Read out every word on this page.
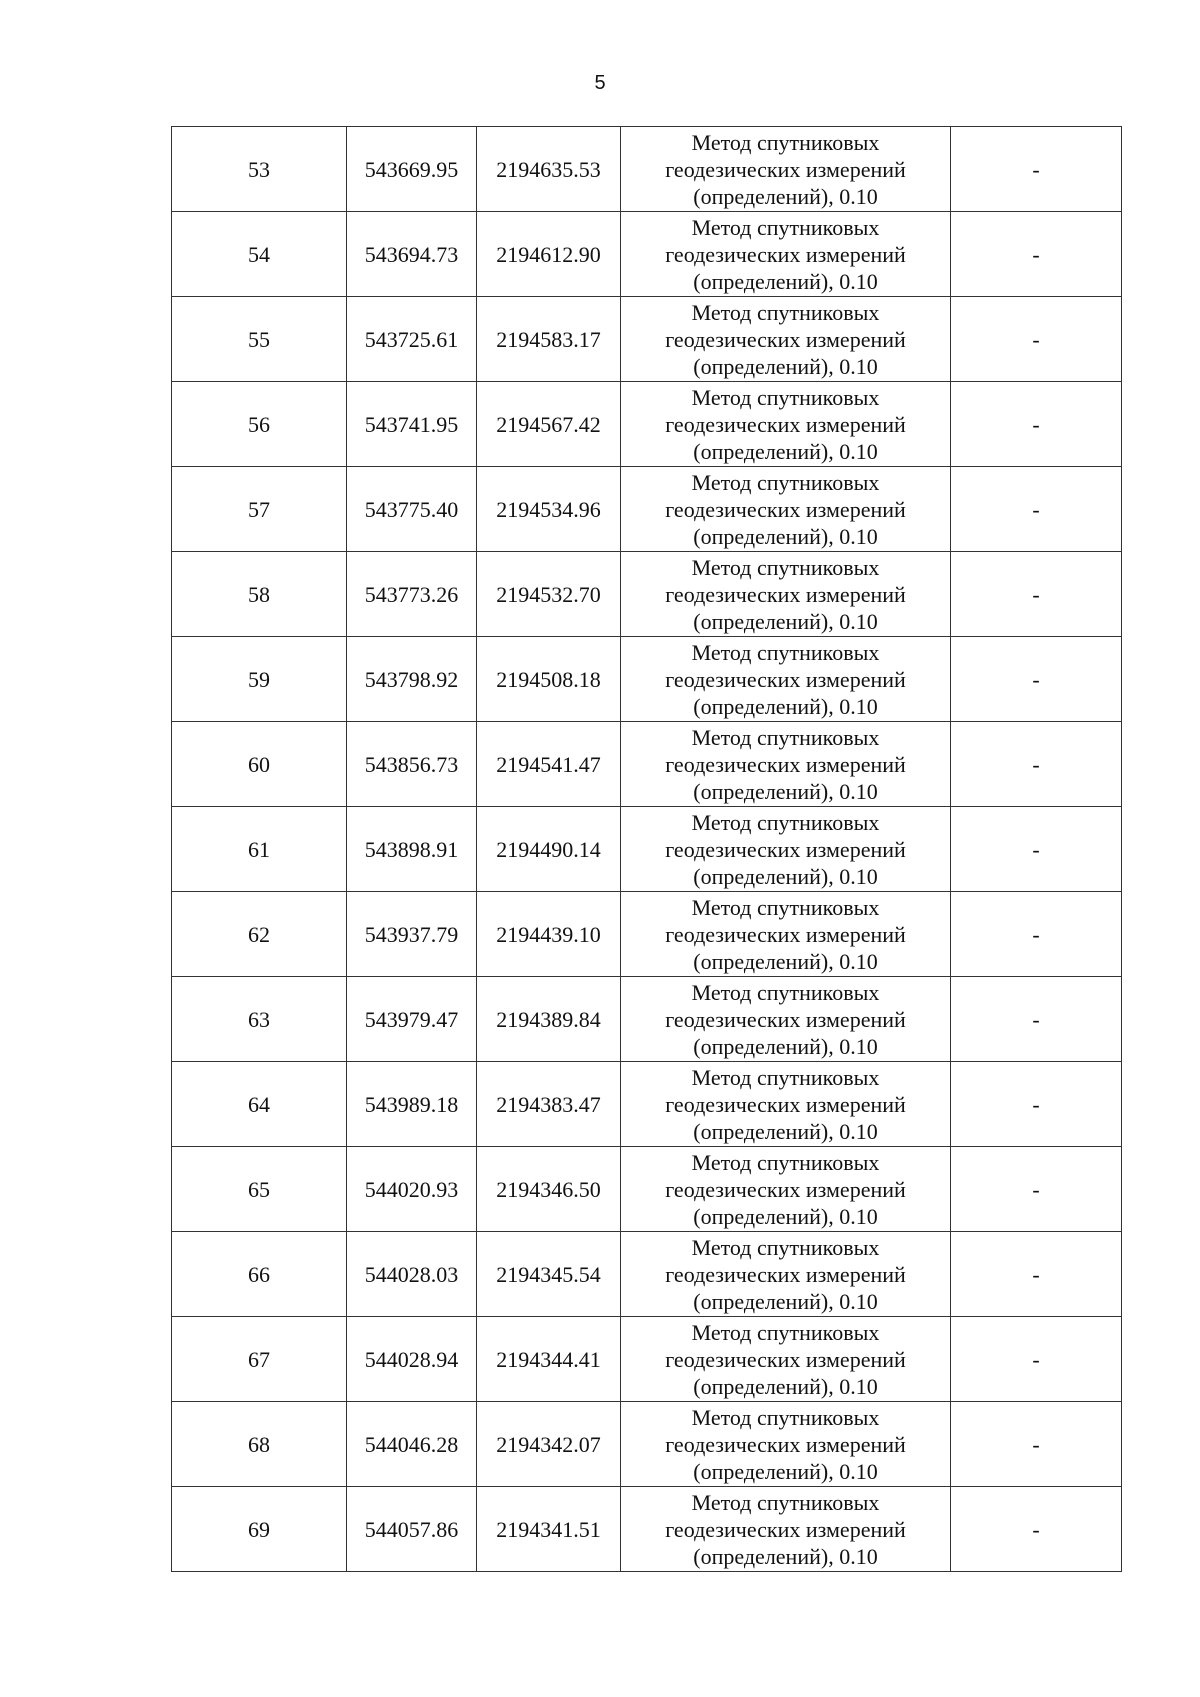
5
53	543669.95	2194635.53	Метод спутниковых
геодезических измерений
(определений), 0.10	-
54	543694.73	2194612.90	Метод спутниковых
геодезических измерений
(определений), 0.10	-
55	543725.61	2194583.17	Метод спутниковых
геодезических измерений
(определений), 0.10	-
56	543741.95	2194567.42	Метод спутниковых
геодезических измерений
(определений), 0.10	-
57	543775.40	2194534.96	Метод спутниковых
геодезических измерений
(определений), 0.10	-
58	543773.26	2194532.70	Метод спутниковых
геодезических измерений
(определений), 0.10	-
59	543798.92	2194508.18	Метод спутниковых
геодезических измерений
(определений), 0.10	-
60	543856.73	2194541.47	Метод спутниковых
геодезических измерений
(определений), 0.10	-
61	543898.91	2194490.14	Метод спутниковых
геодезических измерений
(определений), 0.10	-
62	543937.79	2194439.10	Метод спутниковых
геодезических измерений
(определений), 0.10	-
63	543979.47	2194389.84	Метод спутниковых
геодезических измерений
(определений), 0.10	-
64	543989.18	2194383.47	Метод спутниковых
геодезических измерений
(определений), 0.10	-
65	544020.93	2194346.50	Метод спутниковых
геодезических измерений
(определений), 0.10	-
66	544028.03	2194345.54	Метод спутниковых
геодезических измерений
(определений), 0.10	-
67	544028.94	2194344.41	Метод спутниковых
геодезических измерений
(определений), 0.10	-
68	544046.28	2194342.07	Метод спутниковых
геодезических измерений
(определений), 0.10	-
69	544057.86	2194341.51	Метод спутниковых
геодезических измерений
(определений), 0.10	-
